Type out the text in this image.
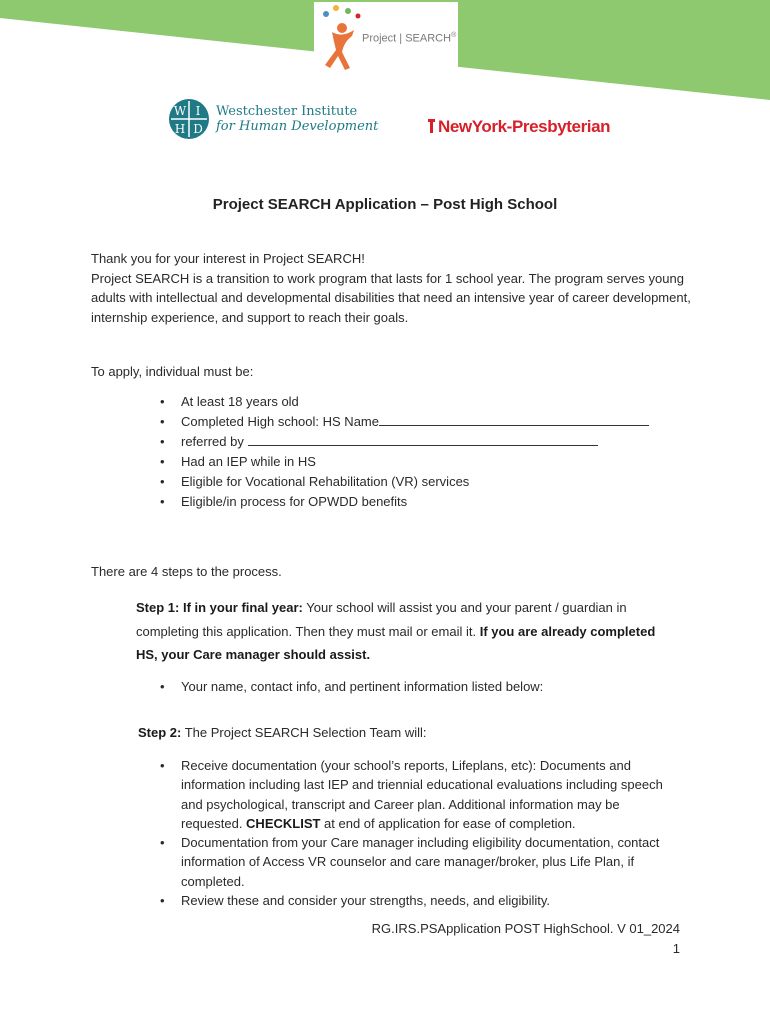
Project | SEARCH®
W I
H D
Westchester Institute
for Human Development	NewYork-Presbyterian
Project SEARCH Application – Post High School
Thank you for your interest in Project SEARCH!
Project SEARCH is a transition to work program that lasts for 1 school year. The program serves young adults with intellectual and developmental disabilities that need an intensive year of career development, internship experience, and support to reach their goals.
To apply, individual must be:
• At least 18 years old
• Completed High school: HS Name
• referred by
• Had an IEP while in HS
• Eligible for Vocational Rehabilitation (VR) services
• Eligible/in process for OPWDD benefits
There are 4 steps to the process.
Step 1: If in your final year: Your school will assist you and your parent / guardian in completing this application. Then they must mail or email it. If you are already completed HS, your Care manager should assist.
• Your name, contact info, and pertinent information listed below:
Step 2: The Project SEARCH Selection Team will:
• Receive documentation (your school’s reports, Lifeplans, etc): Documents and information including last IEP and triennial educational evaluations including speech and psychological, transcript and Career plan. Additional information may be requested. CHECKLIST at end of application for ease of completion.
• Documentation from your Care manager including eligibility documentation, contact information of Access VR counselor and care manager/broker, plus Life Plan, if completed.
• Review these and consider your strengths, needs, and eligibility.
RG.IRS.PSApplication POST HighSchool. V 01_2024
1
